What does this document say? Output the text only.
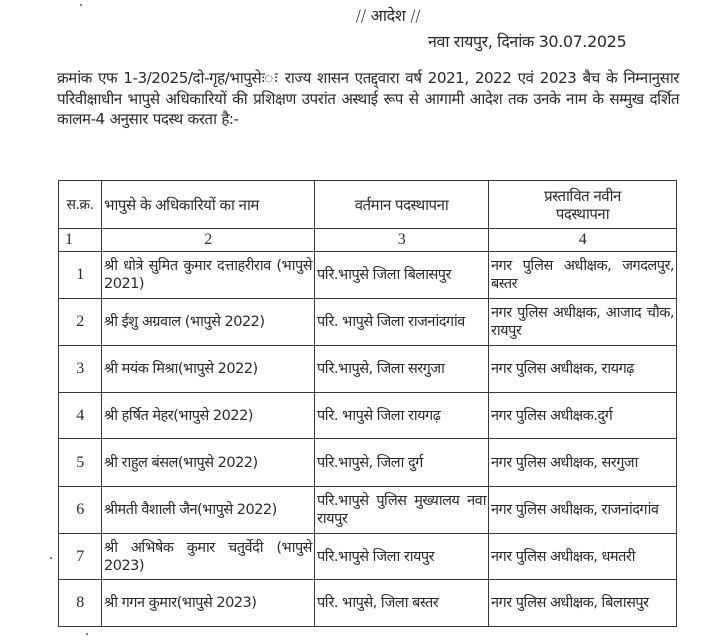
// आदेश //
नवा रायपुर, दिनांक 30.07.2025
क्रमांक एफ 1-3/2025/दो-गृह/भापुसेः◌ः राज्य शासन एतद्द्वारा वर्ष 2021, 2022 एवं 2023 बैच के निम्नानुसार परिवीक्षाधीन भापुसे अधिकारियों की प्रशिक्षण उपरांत अस्थाई रूप से आगामी आदेश तक उनके नाम के सम्मुख दर्शित कालम-4 अनुसार पदस्थ करता है:-
स.क्र.	भापुसे के अधिकारियों का नाम	वर्तमान पदस्थापना	प्रस्तावित नवीन पदस्थापना
1	2	3	4
1	श्री धोत्रे सुमित कुमार दत्ताहरीराव (भापुसे 2021)	परि.भापुसे जिला बिलासपुर	नगर पुलिस अधीक्षक, जगदलपुर, बस्तर
2	श्री ईशु अग्रवाल (भापुसे 2022)	परि. भापुसे जिला राजनांदगांव	नगर पुलिस अधीक्षक, आजाद चौक, रायपुर
3	श्री मयंक मिश्रा(भापुसे 2022)	परि.भापुसे, जिला सरगुजा	नगर पुलिस अधीक्षक, रायगढ़
4	श्री हर्षित मेहर(भापुसे 2022)	परि. भापुसे जिला रायगढ़	नगर पुलिस अधीक्षक.दुर्ग
5	श्री राहुल बंसल(भापुसे 2022)	परि.भापुसे, जिला दुर्ग	नगर पुलिस अधीक्षक, सरगुजा
6	श्रीमती वैशाली जैन(भापुसे 2022)	परि.भापुसे पुलिस मुख्यालय नवा रायपुर	नगर पुलिस अधीक्षक, राजनांदगांव
7	श्री अभिषेक कुमार चतुर्वेदी (भापुसे 2023)	परि.भापुसे जिला रायपुर	नगर पुलिस अधीक्षक, धमतरी
8	श्री गगन कुमार(भापुसे 2023)	परि. भापुसे, जिला बस्तर	नगर पुलिस अधीक्षक, बिलासपुर
